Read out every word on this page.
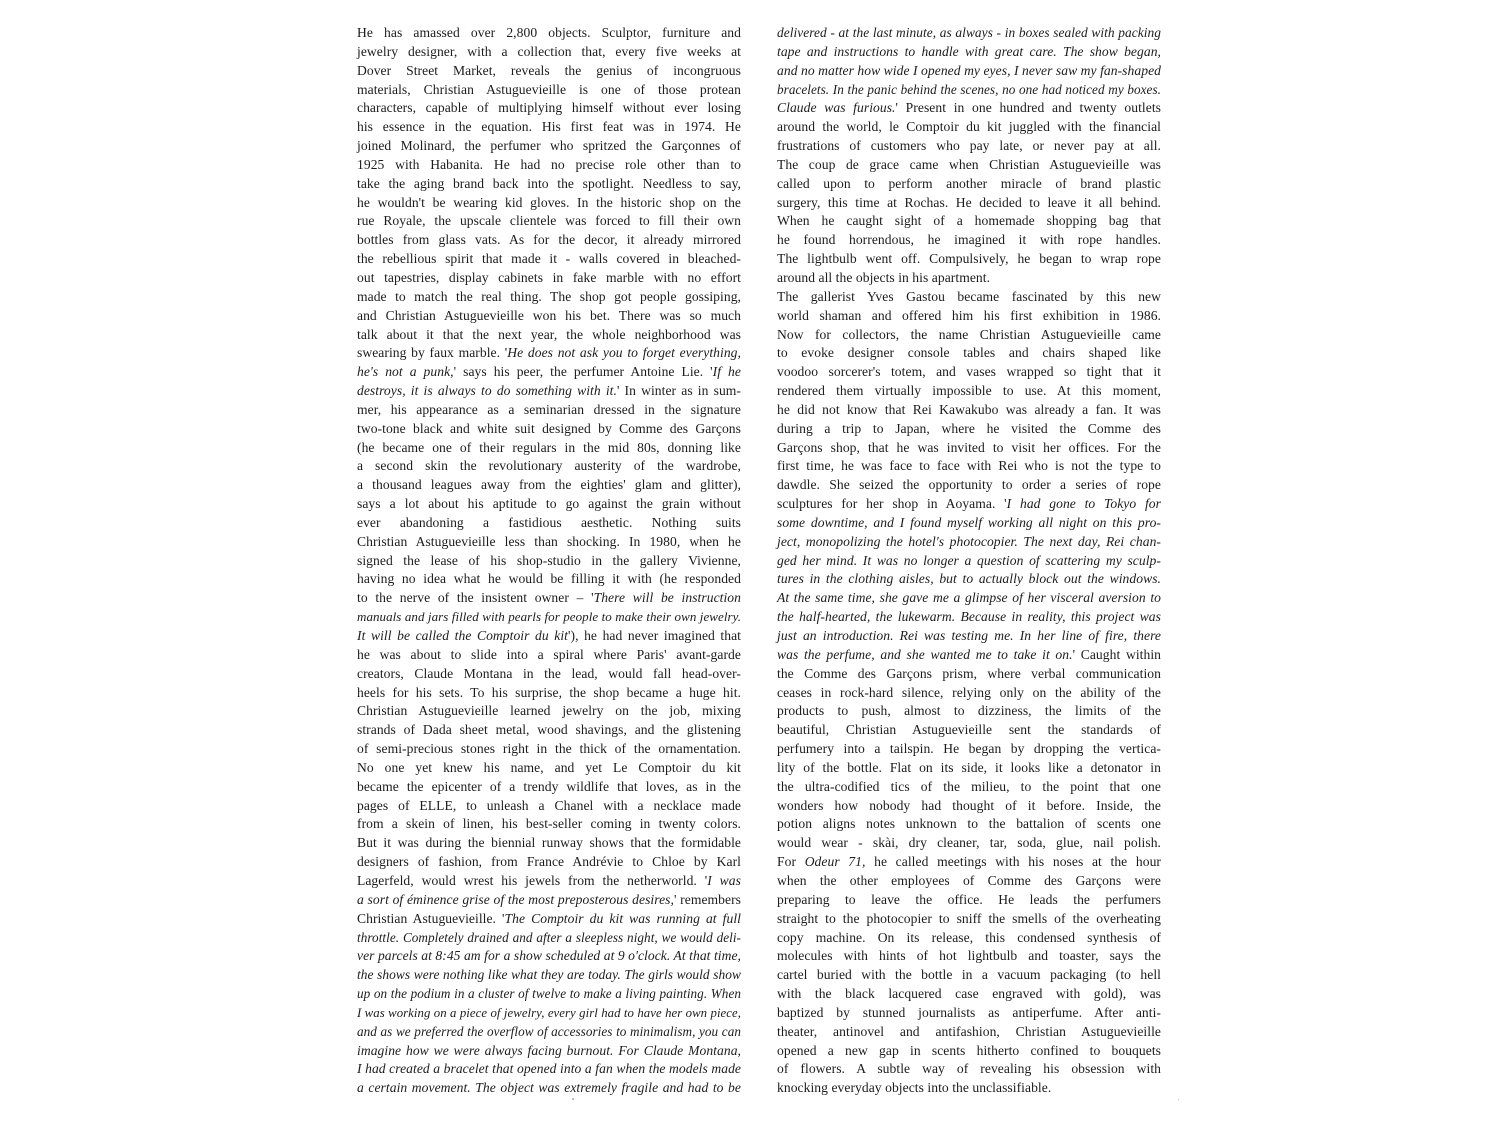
He has amassed over 2,800 objects. Sculptor, furniture and
jewelry designer, with a collection that, every five weeks at
Dover Street Market, reveals the genius of incongruous
materials, Christian Astuguevieille is one of those protean
characters, capable of multiplying himself without ever losing
his essence in the equation. His first feat was in 1974. He
joined Molinard, the perfumer who spritzed the Garçonnes of
1925 with Habanita. He had no precise role other than to
take the aging brand back into the spotlight. Needless to say,
he wouldn't be wearing kid gloves. In the historic shop on the
rue Royale, the upscale clientele was forced to fill their own
bottles from glass vats. As for the decor, it already mirrored
the rebellious spirit that made it - walls covered in bleached-
out tapestries, display cabinets in fake marble with no effort
made to match the real thing. The shop got people gossiping,
and Christian Astuguevieille won his bet. There was so much
talk about it that the next year, the whole neighborhood was
swearing by faux marble. 'He does not ask you to forget everything,
he's not a punk,' says his peer, the perfumer Antoine Lie. 'If he
destroys, it is always to do something with it.' In winter as in sum-
mer, his appearance as a seminarian dressed in the signature
two-tone black and white suit designed by Comme des Garçons
(he became one of their regulars in the mid 80s, donning like
a second skin the revolutionary austerity of the wardrobe,
a thousand leagues away from the eighties' glam and glitter),
says a lot about his aptitude to go against the grain without
ever abandoning a fastidious aesthetic. Nothing suits
Christian Astuguevieille less than shocking. In 1980, when he
signed the lease of his shop-studio in the gallery Vivienne,
having no idea what he would be filling it with (he responded
to the nerve of the insistent owner – 'There will be instruction
manuals and jars filled with pearls for people to make their own jewelry.
It will be called the Comptoir du kit'), he had never imagined that
he was about to slide into a spiral where Paris' avant-garde
creators, Claude Montana in the lead, would fall head-over-
heels for his sets. To his surprise, the shop became a huge hit.
Christian Astuguevieille learned jewelry on the job, mixing
strands of Dada sheet metal, wood shavings, and the glistening
of semi-precious stones right in the thick of the ornamentation.
No one yet knew his name, and yet Le Comptoir du kit
became the epicenter of a trendy wildlife that loves, as in the
pages of ELLE, to unleash a Chanel with a necklace made
from a skein of linen, his best-seller coming in twenty colors.
But it was during the biennial runway shows that the formidable
designers of fashion, from France Andrévie to Chloe by Karl
Lagerfeld, would wrest his jewels from the netherworld. 'I was
a sort of éminence grise of the most preposterous desires,' remembers
Christian Astuguevieille. 'The Comptoir du kit was running at full
throttle. Completely drained and after a sleepless night, we would deli-
ver parcels at 8:45 am for a show scheduled at 9 o'clock. At that time,
the shows were nothing like what they are today. The girls would show
up on the podium in a cluster of twelve to make a living painting. When
I was working on a piece of jewelry, every girl had to have her own piece,
and as we preferred the overflow of accessories to minimalism, you can
imagine how we were always facing burnout. For Claude Montana,
I had created a bracelet that opened into a fan when the models made
a certain movement. The object was extremely fragile and had to be
delivered - at the last minute, as always - in boxes sealed with packing
tape and instructions to handle with great care. The show began,
and no matter how wide I opened my eyes, I never saw my fan-shaped
bracelets. In the panic behind the scenes, no one had noticed my boxes.
Claude was furious.' Present in one hundred and twenty outlets
around the world, le Comptoir du kit juggled with the financial
frustrations of customers who pay late, or never pay at all.
The coup de grace came when Christian Astuguevieille was
called upon to perform another miracle of brand plastic
surgery, this time at Rochas. He decided to leave it all behind.
When he caught sight of a homemade shopping bag that
he found horrendous, he imagined it with rope handles.
The lightbulb went off. Compulsively, he began to wrap rope
around all the objects in his apartment.
The gallerist Yves Gastou became fascinated by this new
world shaman and offered him his first exhibition in 1986.
Now for collectors, the name Christian Astuguevieille came
to evoke designer console tables and chairs shaped like
voodoo sorcerer's totem, and vases wrapped so tight that it
rendered them virtually impossible to use. At this moment,
he did not know that Rei Kawakubo was already a fan. It was
during a trip to Japan, where he visited the Comme des
Garçons shop, that he was invited to visit her offices. For the
first time, he was face to face with Rei who is not the type to
dawdle. She seized the opportunity to order a series of rope
sculptures for her shop in Aoyama. 'I had gone to Tokyo for
some downtime, and I found myself working all night on this pro-
ject, monopolizing the hotel's photocopier. The next day, Rei chan-
ged her mind. It was no longer a question of scattering my sculp-
tures in the clothing aisles, but to actually block out the windows.
At the same time, she gave me a glimpse of her visceral aversion to
the half-hearted, the lukewarm. Because in reality, this project was
just an introduction. Rei was testing me. In her line of fire, there
was the perfume, and she wanted me to take it on.' Caught within
the Comme des Garçons prism, where verbal communication
ceases in rock-hard silence, relying only on the ability of the
products to push, almost to dizziness, the limits of the
beautiful, Christian Astuguevieille sent the standards of
perfumery into a tailspin. He began by dropping the vertica-
lity of the bottle. Flat on its side, it looks like a detonator in
the ultra-codified tics of the milieu, to the point that one
wonders how nobody had thought of it before. Inside, the
potion aligns notes unknown to the battalion of scents one
would wear - skài, dry cleaner, tar, soda, glue, nail polish.
For Odeur 71, he called meetings with his noses at the hour
when the other employees of Comme des Garçons were
preparing to leave the office. He leads the perfumers
straight to the photocopier to sniff the smells of the overheating
copy machine. On its release, this condensed synthesis of
molecules with hints of hot lightbulb and toaster, says the
cartel buried with the bottle in a vacuum packaging (to hell
with the black lacquered case engraved with gold), was
baptized by stunned journalists as antiperfume. After anti-
theater, antinovel and antifashion, Christian Astuguevieille
opened a new gap in scents hitherto confined to bouquets
of flowers. A subtle way of revealing his obsession with
knocking everyday objects into the unclassifiable.
